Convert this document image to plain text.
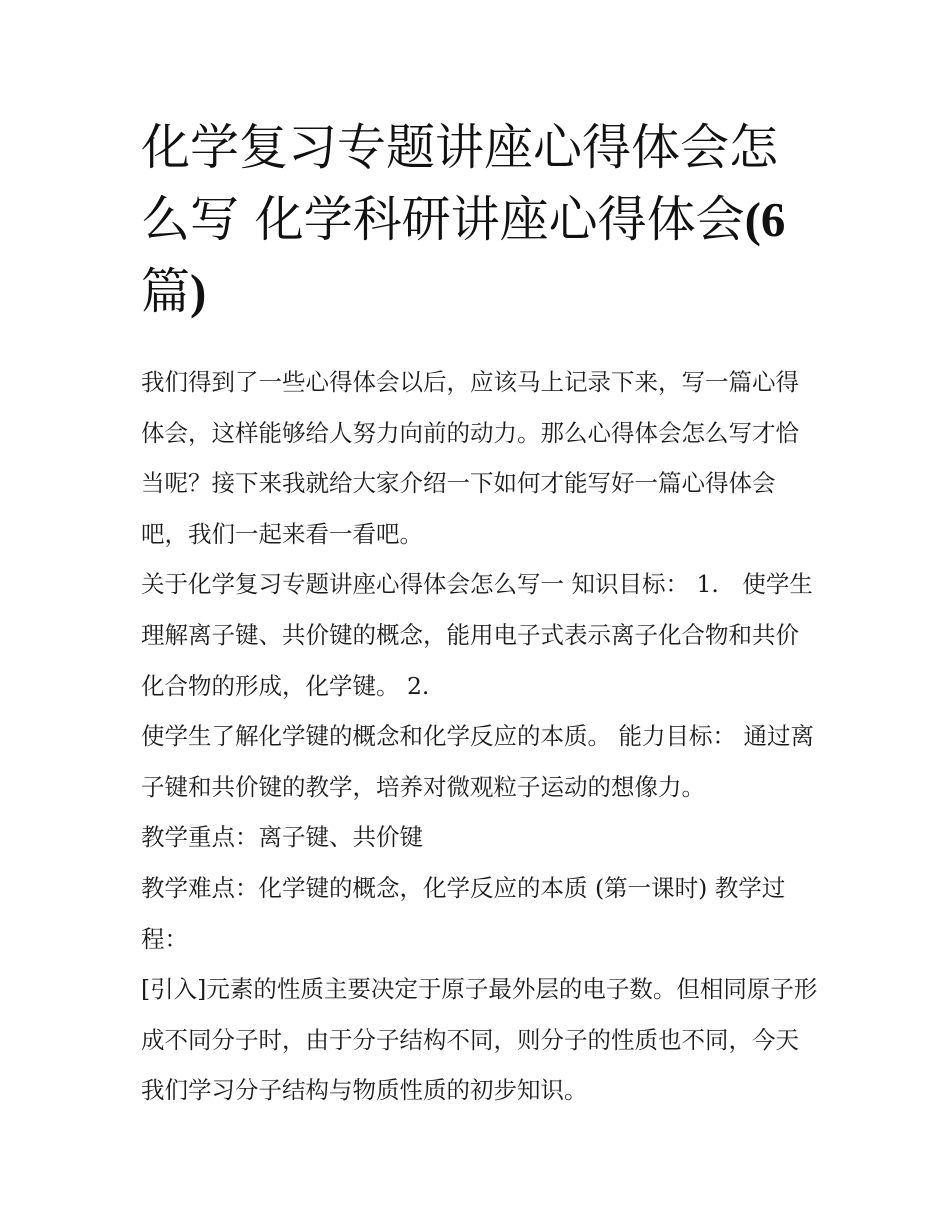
化学复习专题讲座心得体会怎
么写 化学科研讲座心得体会(6
篇)

我们得到了一些心得体会以后，应该马上记录下来，写一篇心得体会，这样能够给人努力向前的动力。那么心得体会怎么写才恰当呢？接下来我就给大家介绍一下如何才能写好一篇心得体会吧，我们一起来看一看吧。

关于化学复习专题讲座心得体会怎么写一 知识目标： 1.　使学生理解离子键、共价键的概念，能用电子式表示离子化合物和共价化合物的形成，化学键。 2.

使学生了解化学键的概念和化学反应的本质。 能力目标： 通过离子键和共价键的教学，培养对微观粒子运动的想像力。

教学重点：离子键、共价键

教学难点：化学键的概念，化学反应的本质 (第一课时) 教学过程：

[引入]元素的性质主要决定于原子最外层的电子数。但相同原子形成不同分子时，由于分子结构不同，则分子的性质也不同，今天我们学习分子结构与物质性质的初步知识。
